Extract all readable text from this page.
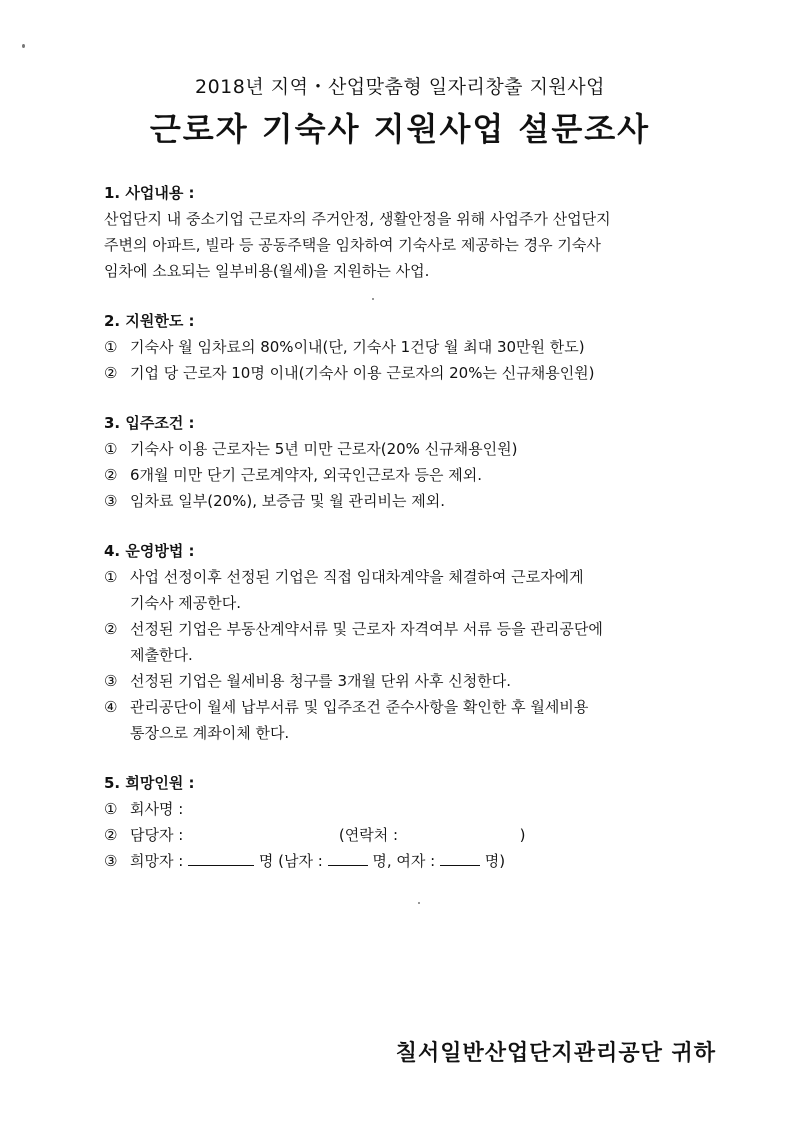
2018년 지역・산업맞춤형 일자리창출 지원사업
근로자 기숙사 지원사업 설문조사
1. 사업내용 :
산업단지 내 중소기업 근로자의 주거안정, 생활안정을 위해 사업주가 산업단지
주변의 아파트, 빌라 등 공동주택을 임차하여 기숙사로 제공하는 경우 기숙사
임차에 소요되는 일부비용(월세)을 지원하는 사업.
2. 지원한도 :
① 기숙사 월 임차료의 80%이내(단, 기숙사 1건당 월 최대 30만원 한도)
② 기업 당 근로자 10명 이내(기숙사 이용 근로자의 20%는 신규채용인원)
3. 입주조건 :
① 기숙사 이용 근로자는 5년 미만 근로자(20% 신규채용인원)
② 6개월 미만 단기 근로계약자, 외국인근로자 등은 제외.
③ 임차료 일부(20%), 보증금 및 월 관리비는 제외.
4. 운영방법 :
① 사업 선정이후 선정된 기업은 직접 임대차계약을 체결하여 근로자에게
기숙사 제공한다.
② 선정된 기업은 부동산계약서류 및 근로자 자격여부 서류 등을 관리공단에
제출한다.
③ 선정된 기업은 월세비용 청구를 3개월 단위 사후 신청한다.
④ 관리공단이 월세 납부서류 및 입주조건 준수사항을 확인한 후 월세비용
통장으로 계좌이체 한다.
5. 희망인원 :
① 회사명 :
② 담당자 :	(연락처 :	)
③ 희망자 :	명 (남자 :	명, 여자 :	명)
칠서일반산업단지관리공단 귀하
